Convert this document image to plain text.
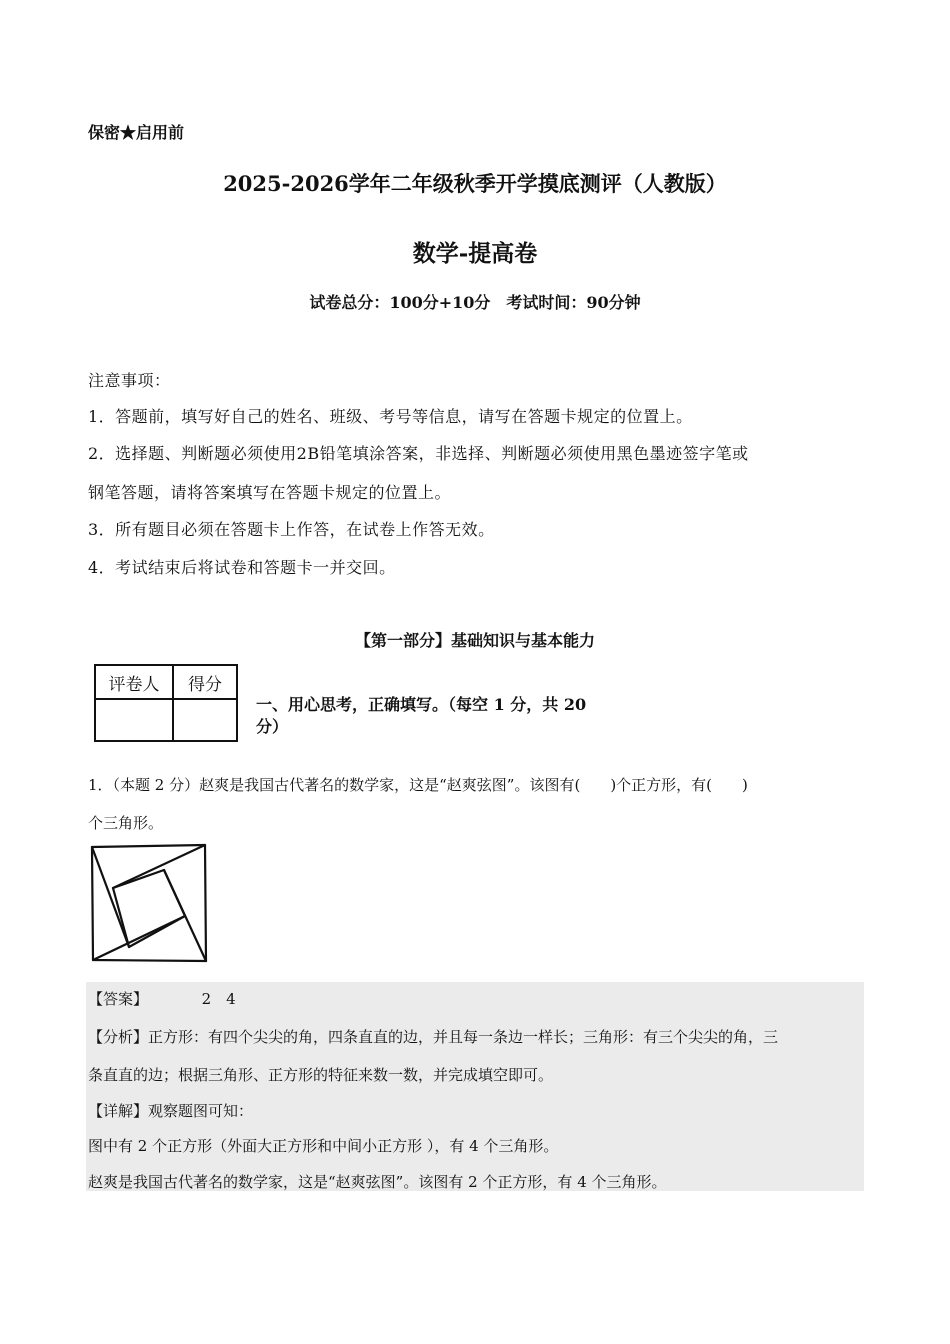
保密★启用前
2025-2026学年二年级秋季开学摸底测评（人教版）
数学-提高卷
试卷总分：100分+10分　考试时间：90分钟
注意事项：
1．答题前，填写好自己的姓名、班级、考号等信息，请写在答题卡规定的位置上。
2．选择题、判断题必须使用2B铅笔填涂答案，非选择、判断题必须使用黑色墨迹签字笔或
钢笔答题，请将答案填写在答题卡规定的位置上。
3．所有题目必须在答题卡上作答，在试卷上作答无效。
4．考试结束后将试卷和答题卡一并交回。
【第一部分】基础知识与基本能力
评卷人	得分

一、用心思考，正确填写。（每空 1 分，共 20
分）
1．（本题 2 分）赵爽是我国古代著名的数学家，这是“赵爽弦图”。该图有(　　)个正方形，有(　　)
个三角形。
【答案】	2　4
【分析】正方形：有四个尖尖的角，四条直直的边，并且每一条边一样长；三角形：有三个尖尖的角，三
条直直的边；根据三角形、正方形的特征来数一数，并完成填空即可。
【详解】观察题图可知：
图中有 2 个正方形（外面大正方形和中间小正方形 ），有 4 个三角形。
赵爽是我国古代著名的数学家，这是“赵爽弦图”。该图有 2 个正方形，有 4 个三角形。
